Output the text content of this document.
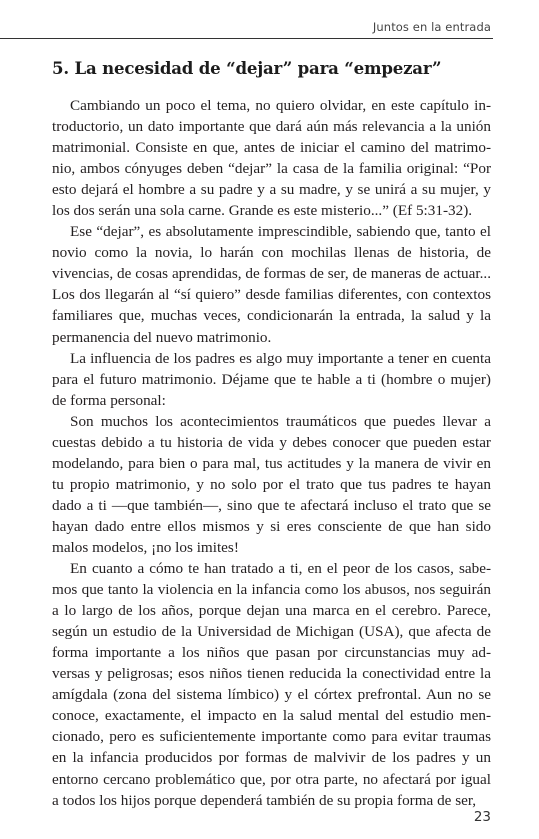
Juntos en la entrada
5. La necesidad de “dejar” para “empezar”

Cambiando un poco el tema, no quiero olvidar, en este capítulo introductorio, un dato importante que dará aún más relevancia a la unión matrimonial. Consiste en que, antes de iniciar el camino del matrimonio, ambos cónyuges deben “dejar” la casa de la familia original: “Por esto dejará el hombre a su padre y a su madre, y se unirá a su mujer, y los dos serán una sola carne. Grande es este misterio...” (Ef 5:31-32).

Ese “dejar”, es absolutamente imprescindible, sabiendo que, tanto el novio como la novia, lo harán con mochilas llenas de historia, de vivencias, de cosas aprendidas, de formas de ser, de maneras de actuar... Los dos llegarán al “sí quiero” desde familias diferentes, con contextos familiares que, muchas veces, condicionarán la entrada, la salud y la permanencia del nuevo matrimonio.

La influencia de los padres es algo muy importante a tener en cuenta para el futuro matrimonio. Déjame que te hable a ti (hombre o mujer) de forma personal:

Son muchos los acontecimientos traumáticos que puedes llevar a cuestas debido a tu historia de vida y debes conocer que pueden estar modelando, para bien o para mal, tus actitudes y la manera de vivir en tu propio matrimonio, y no solo por el trato que tus padres te hayan dado a ti —que también—, sino que te afectará incluso el trato que se hayan dado entre ellos mismos y si eres consciente de que han sido malos modelos, ¡no los imites!

En cuanto a cómo te han tratado a ti, en el peor de los casos, sabemos que tanto la violencia en la infancia como los abusos, nos seguirán a lo largo de los años, porque dejan una marca en el cerebro. Parece, según un estudio de la Universidad de Michigan (USA), que afecta de forma importante a los niños que pasan por circunstancias muy adversas y peligrosas; esos niños tienen reducida la conectividad entre la amígdala (zona del sistema límbico) y el córtex prefrontal. Aun no se conoce, exactamente, el impacto en la salud mental del estudio mencionado, pero es suficientemente importante como para evitar traumas en la infancia producidos por formas de malvivir de los padres y un entorno cercano problemático que, por otra parte, no afectará por igual a todos los hijos porque dependerá también de su propia forma de ser,

23
